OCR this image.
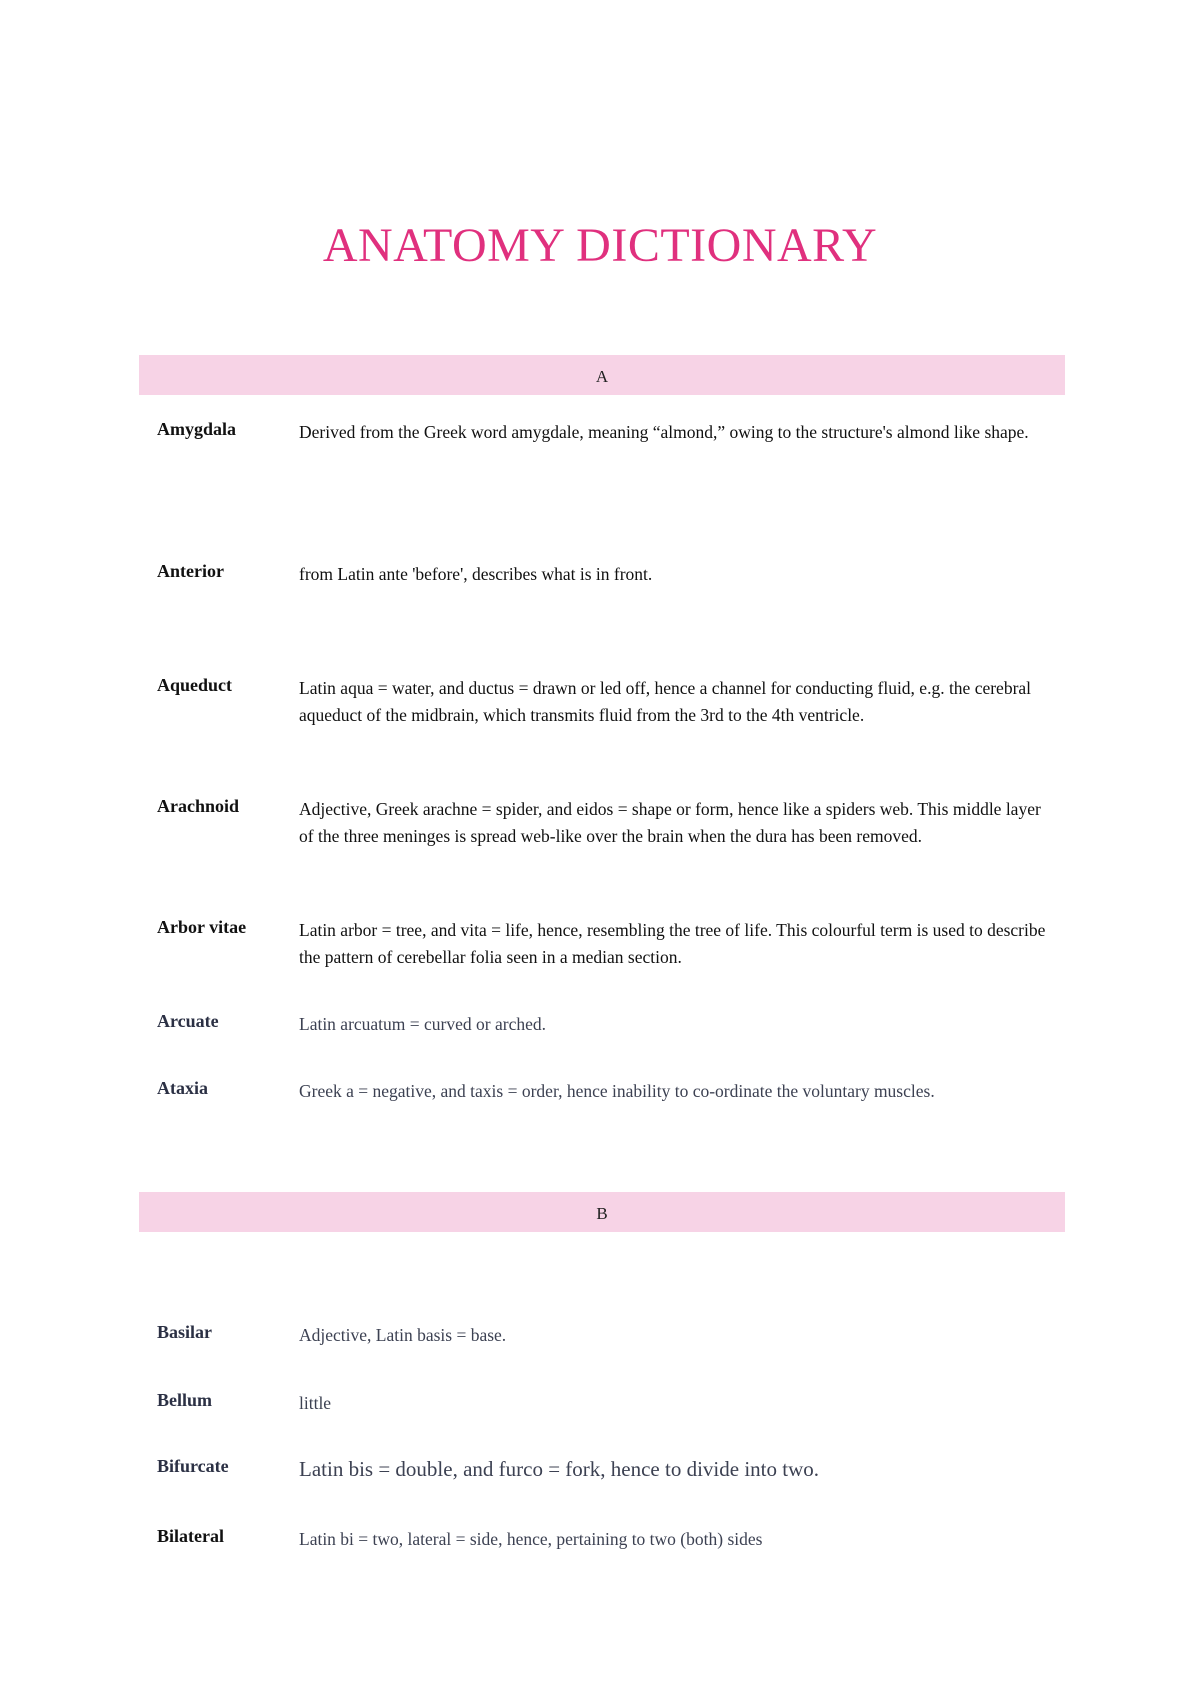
ANATOMY DICTIONARY
A
Amygdala	Derived from the Greek word amygdale, meaning “almond,” owing to the structure's almond like shape.
Anterior	from Latin ante 'before', describes what is in front.
Aqueduct	Latin aqua = water, and ductus = drawn or led off, hence a channel for conducting fluid, e.g. the cerebral aqueduct of the midbrain, which transmits fluid from the 3rd to the 4th ventricle.
Arachnoid	Adjective, Greek arachne = spider, and eidos = shape or form, hence like a spiders web. This middle layer of the three meninges is spread web-like over the brain when the dura has been removed.
Arbor vitae	Latin arbor = tree, and vita = life, hence, resembling the tree of life. This colourful term is used to describe the pattern of cerebellar folia seen in a median section.
Arcuate	Latin arcuatum = curved or arched.
Ataxia	Greek a = negative, and taxis = order, hence inability to co-ordinate the voluntary muscles.
B
Basilar	Adjective, Latin basis = base.
Bellum	little
Bifurcate	Latin bis = double, and furco = fork, hence to divide into two.
Bilateral	Latin bi = two, lateral = side, hence, pertaining to two (both) sides
